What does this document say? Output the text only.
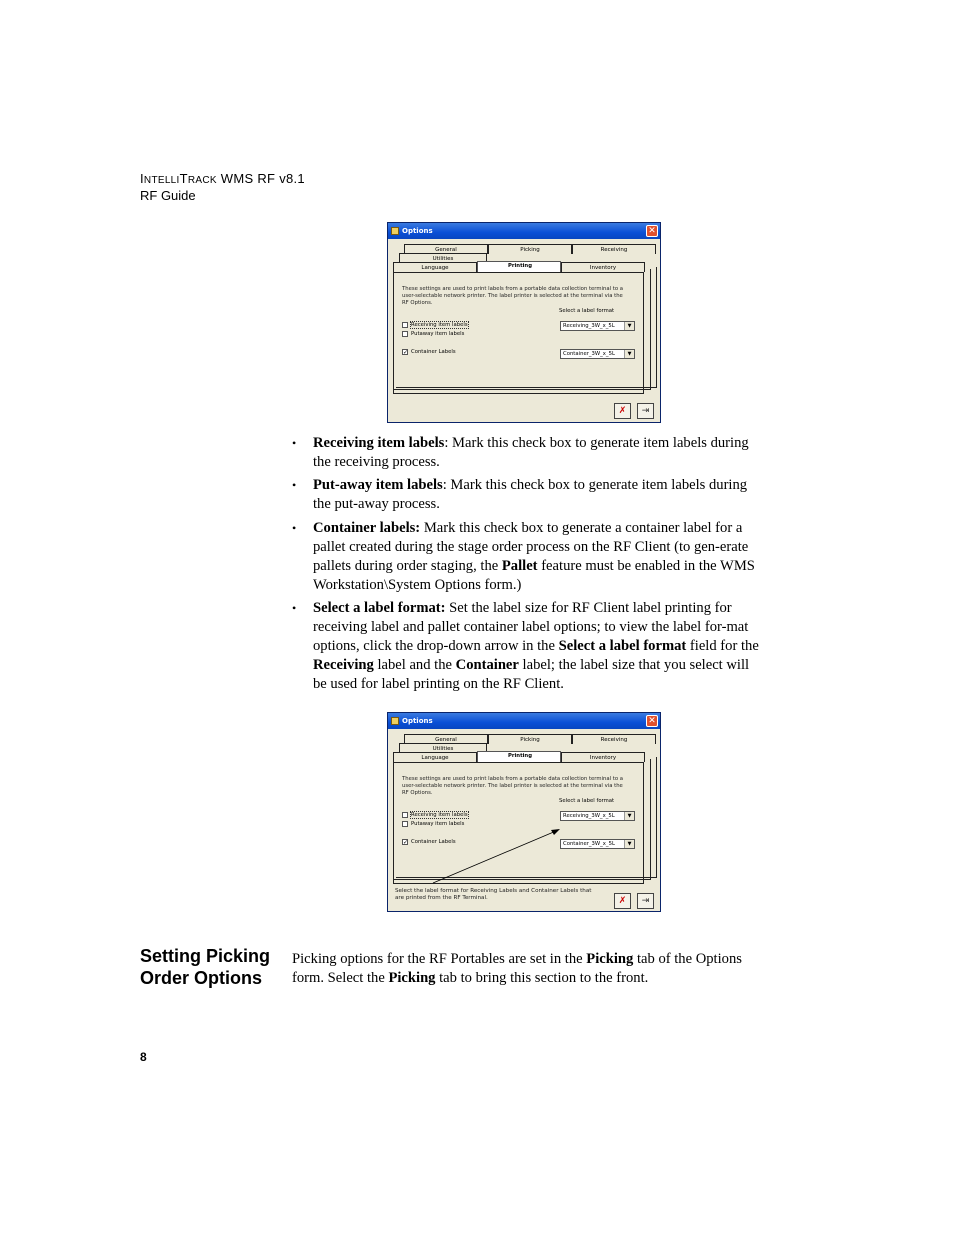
INTELLITRACK WMS RF v8.1
RF Guide
Options	✕
General	Picking	Receiving
Utilities
Language	Printing	Inventory
These settings are used to print labels from a portable data collection terminal to a user-selectable network printer. The label printer is selected at the terminal via the RF Options.
Select a label format
Receiving item labels
Putaway item labels
✓ Container Labels
Receiving_3W_x_5L	▼
Container_3W_x_5L	▼
✗	⇥
• Receiving item labels: Mark this check box to generate item labels during the receiving process.
• Put-away item labels: Mark this check box to generate item labels during the put-away process.
• Container labels: Mark this check box to generate a container label for a pallet created during the stage order process on the RF Client (to gen-erate pallets during order staging, the Pallet feature must be enabled in the WMS Workstation\System Options form.)
• Select a label format: Set the label size for RF Client label printing for receiving label and pallet container label options; to view the label for-mat options, click the drop-down arrow in the Select a label format field for the Receiving label and the Container label; the label size that you select will be used for label printing on the RF Client.
Options	✕
General	Picking	Receiving
Utilities
Language	Printing	Inventory
These settings are used to print labels from a portable data collection terminal to a user-selectable network printer. The label printer is selected at the terminal via the RF Options.
Select a label format
Receiving item labels
Putaway item labels
✓ Container Labels
Receiving_3W_x_5L	▼
Container_3W_x_5L	▼
Select the label format for Receiving Labels and Container Labels that are printed from the RF Terminal.	✗	⇥
Setting Picking Order Options
Picking options for the RF Portables are set in the Picking tab of the Options form. Select the Picking tab to bring this section to the front.
8
